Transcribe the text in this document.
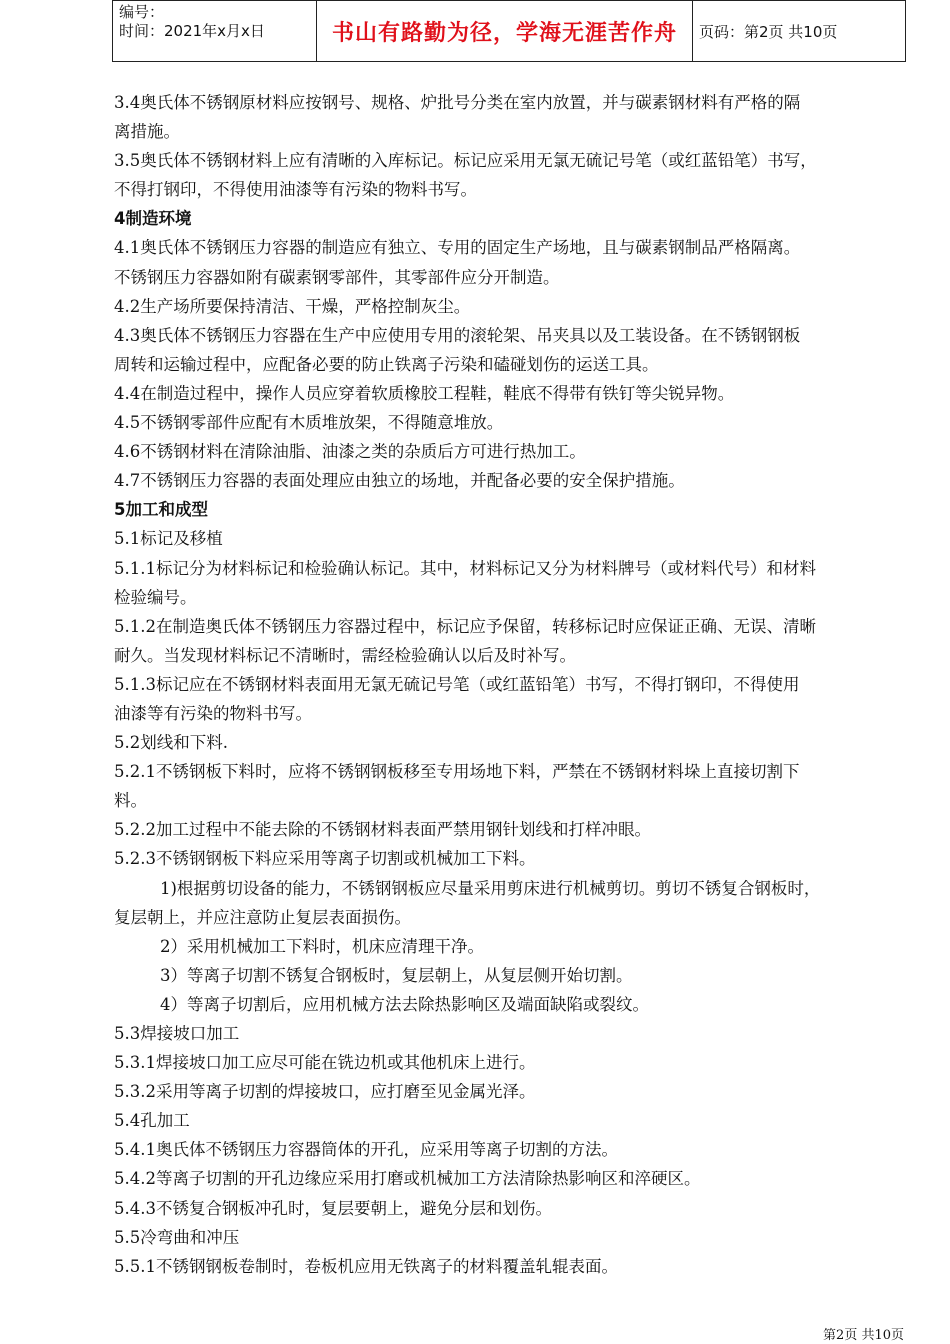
编号：
时间：2021年x月x日	书山有路勤为径，学海无涯苦作舟	页码：第2页 共10页
3.4奥氏体不锈钢原材料应按钢号、规格、炉批号分类在室内放置，并与碳素钢材料有严格的隔
离措施。
3.5奥氏体不锈钢材料上应有清晰的入库标记。标记应采用无氯无硫记号笔（或红蓝铅笔）书写，
不得打钢印，不得使用油漆等有污染的物料书写。
4制造环境
4.1奥氏体不锈钢压力容器的制造应有独立、专用的固定生产场地，且与碳素钢制品严格隔离。
不锈钢压力容器如附有碳素钢零部件，其零部件应分开制造。
4.2生产场所要保持清洁、干燥，严格控制灰尘。
4.3奥氏体不锈钢压力容器在生产中应使用专用的滚轮架、吊夹具以及工装设备。在不锈钢钢板
周转和运输过程中，应配备必要的防止铁离子污染和磕碰划伤的运送工具。
4.4在制造过程中，操作人员应穿着软质橡胶工程鞋，鞋底不得带有铁钉等尖锐异物。
4.5不锈钢零部件应配有木质堆放架，不得随意堆放。
4.6不锈钢材料在清除油脂、油漆之类的杂质后方可进行热加工。
4.7不锈钢压力容器的表面处理应由独立的场地，并配备必要的安全保护措施。
5加工和成型
5.1标记及移植
5.1.1标记分为材料标记和检验确认标记。其中，材料标记又分为材料牌号（或材料代号）和材料
检验编号。
5.1.2在制造奥氏体不锈钢压力容器过程中，标记应予保留，转移标记时应保证正确、无误、清晰
耐久。当发现材料标记不清晰时，需经检验确认以后及时补写。
5.1.3标记应在不锈钢材料表面用无氯无硫记号笔（或红蓝铅笔）书写，不得打钢印，不得使用
油漆等有污染的物料书写。
5.2划线和下料.
5.2.1不锈钢板下料时，应将不锈钢钢板移至专用场地下料，严禁在不锈钢材料垛上直接切割下
料。
5.2.2加工过程中不能去除的不锈钢材料表面严禁用钢针划线和打样冲眼。
5.2.3不锈钢钢板下料应采用等离子切割或机械加工下料。
1)根据剪切设备的能力，不锈钢钢板应尽量采用剪床进行机械剪切。剪切不锈复合钢板时，
复层朝上，并应注意防止复层表面损伤。
2）采用机械加工下料时，机床应清理干净。
3）等离子切割不锈复合钢板时，复层朝上，从复层侧开始切割。
4）等离子切割后，应用机械方法去除热影响区及端面缺陷或裂纹。
5.3焊接坡口加工
5.3.1焊接坡口加工应尽可能在铣边机或其他机床上进行。
5.3.2采用等离子切割的焊接坡口，应打磨至见金属光泽。
5.4孔加工
5.4.1奥氏体不锈钢压力容器筒体的开孔，应采用等离子切割的方法。
5.4.2等离子切割的开孔边缘应采用打磨或机械加工方法清除热影响区和淬硬区。
5.4.3不锈复合钢板冲孔时，复层要朝上，避免分层和划伤。
5.5冷弯曲和冲压
5.5.1不锈钢钢板卷制时，卷板机应用无铁离子的材料覆盖轧辊表面。
第2页 共10页
